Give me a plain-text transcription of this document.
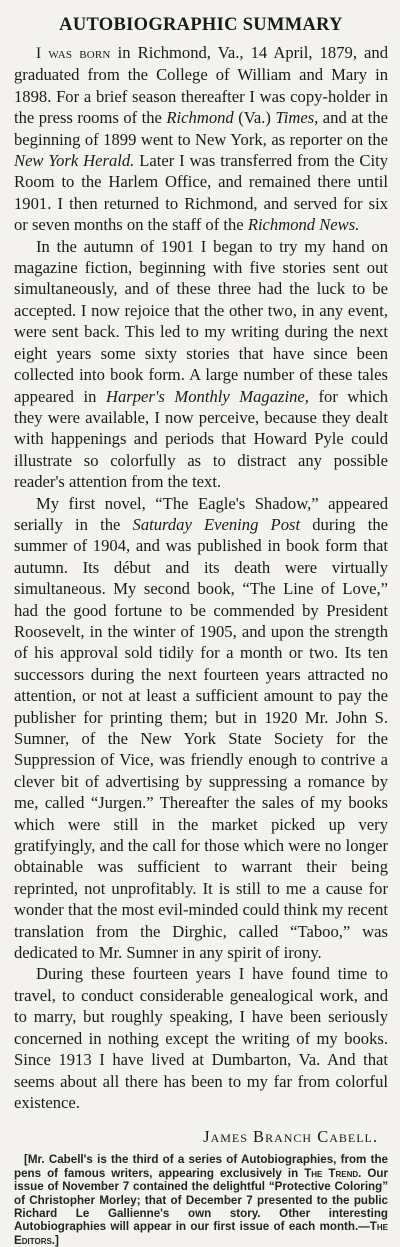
AUTOBIOGRAPHIC SUMMARY

I was born in Richmond, Va., 14 April, 1879, and graduated from the College of William and Mary in 1898. For a brief season thereafter I was copy-holder in the press rooms of the Richmond (Va.) Times, and at the beginning of 1899 went to New York, as reporter on the New York Herald. Later I was transferred from the City Room to the Harlem Office, and remained there until 1901. I then returned to Richmond, and served for six or seven months on the staff of the Richmond News.

In the autumn of 1901 I began to try my hand on magazine fiction, beginning with five stories sent out simultaneously, and of these three had the luck to be accepted. I now rejoice that the other two, in any event, were sent back. This led to my writing during the next eight years some sixty stories that have since been collected into book form. A large number of these tales appeared in Harper's Monthly Magazine, for which they were available, I now perceive, because they dealt with happenings and periods that Howard Pyle could illustrate so colorfully as to distract any possible reader's attention from the text.

My first novel, “The Eagle's Shadow,” appeared serially in the Saturday Evening Post during the summer of 1904, and was published in book form that autumn. Its début and its death were virtually simultaneous. My second book, “The Line of Love,” had the good fortune to be commended by President Roosevelt, in the winter of 1905, and upon the strength of his approval sold tidily for a month or two. Its ten successors during the next fourteen years attracted no attention, or not at least a sufficient amount to pay the publisher for printing them; but in 1920 Mr. John S. Sumner, of the New York State Society for the Suppression of Vice, was friendly enough to contrive a clever bit of advertising by suppressing a romance by me, called “Jurgen.” Thereafter the sales of my books which were still in the market picked up very gratifyingly, and the call for those which were no longer obtainable was sufficient to warrant their being reprinted, not unprofitably. It is still to me a cause for wonder that the most evil-minded could think my recent translation from the Dirghic, called “Taboo,” was dedicated to Mr. Sumner in any spirit of irony.

During these fourteen years I have found time to travel, to conduct considerable genealogical work, and to marry, but roughly speaking, I have been seriously concerned in nothing except the writing of my books. Since 1913 I have lived at Dumbarton, Va. And that seems about all there has been to my far from colorful existence.

James Branch Cabell.

[Mr. Cabell's is the third of a series of Autobiographies, from the pens of famous writers, appearing exclusively in The Trend. Our issue of November 7 contained the delightful “Protective Coloring” of Christopher Morley; that of December 7 presented to the public Richard Le Gallienne's own story. Other interesting Autobiographies will appear in our first issue of each month.—The Editors.]
